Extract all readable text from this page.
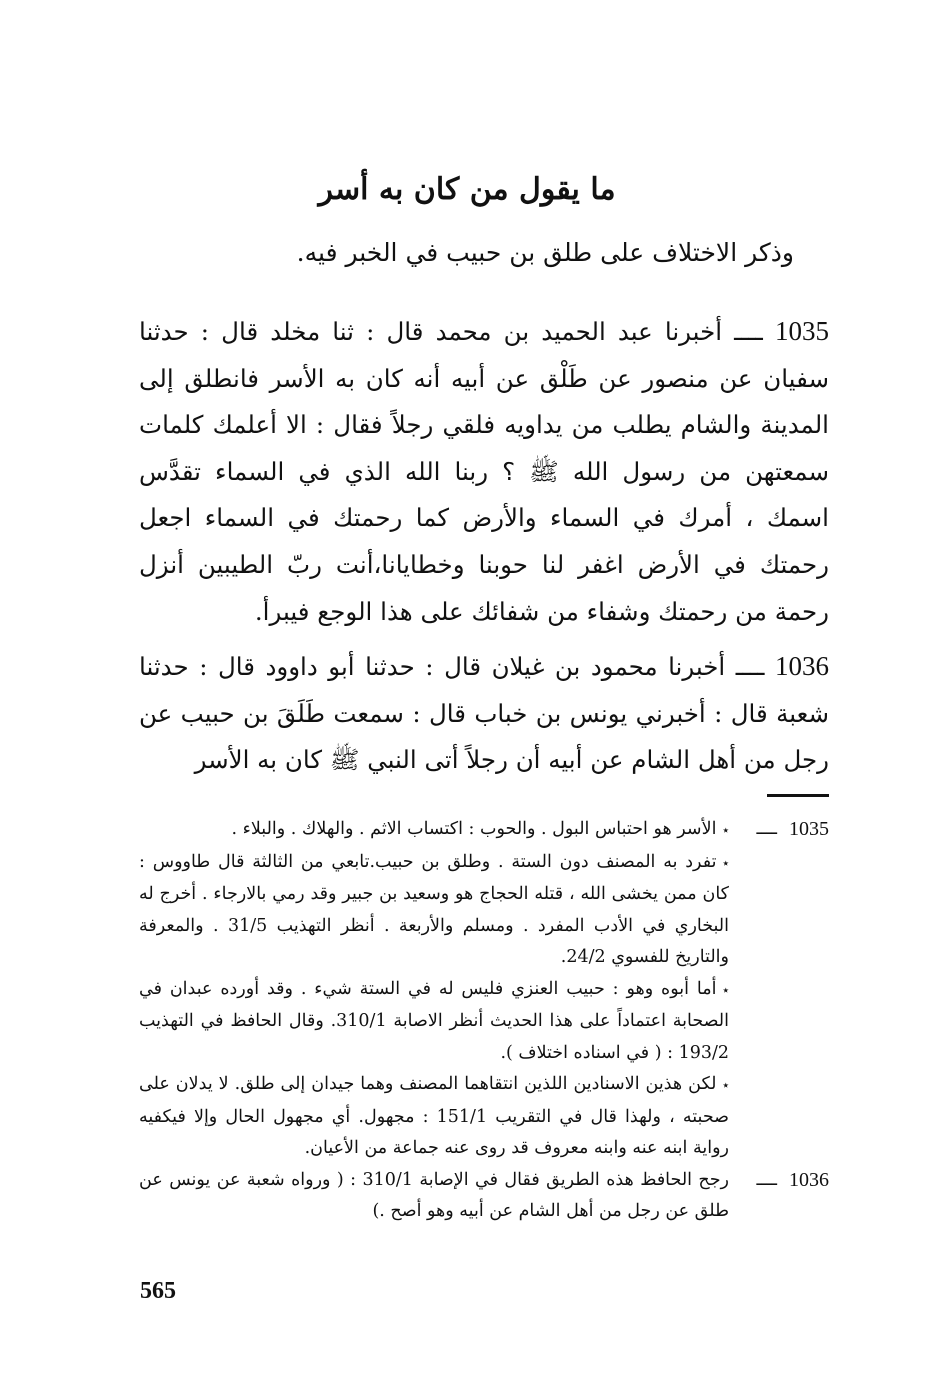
ما يقول من كان به أسر
وذكر الاختلاف على طلق بن حبيب في الخبر فيه.
1035 ــــ أخبرنا عبد الحميد بن محمد قال : ثنا مخلد قال : حدثنا سفيان عن منصور عن طَلْق عن أبيه أنه كان به الأسر فانطلق إلى المدينة والشام يطلب من يداويه فلقي رجلاً فقال : الا أعلمك كلمات سمعتهن من رسول الله ﷺ ؟ ربنا الله الذي في السماء تقدَّس اسمك ، أمرك في السماء والأرض كما رحمتك في السماء اجعل رحمتك في الأرض اغفر لنا حوبنا وخطايانا،أنت ربّ الطيبين أنزل رحمة من رحمتك وشفاء من شفائك على هذا الوجع فيبرأ.
1036 ــــ أخبرنا محمود بن غيلان قال : حدثنا أبو داوود قال : حدثنا شعبة قال : أخبرني يونس بن خباب قال : سمعت طَلَقَ بن حبيب عن رجل من أهل الشام عن أبيه أن رجلاً أتى النبي ﷺ كان به الأسر
1035
ــــ
٭الأسر هو احتباس البول . والحوب : اكتساب الاثم . والهلاك . والبلاء .
٭تفرد به المصنف دون الستة . وطلق بن حبيب.تابعي من الثالثة قال طاووس : كان ممن يخشى الله ، قتله الحجاج هو وسعيد بن جبير وقد رمي بالارجاء . أخرج له البخاري في الأدب المفرد . ومسلم والأربعة . أنظر التهذيب 31/5 . والمعرفة والتاريخ للفسوي 24/2.
٭أما أبوه وهو : حبيب العنزي فليس له في الستة شيء . وقد أورده عبدان في الصحابة اعتماداً على هذا الحديث أنظر الاصابة 310/1. وقال الحافظ في التهذيب 193/2 : ( في اسناده اختلاف ).
٭لكن هذين الاسنادين اللذين انتقاهما المصنف وهما جيدان إلى طلق. لا يدلان على صحبته ، ولهذا قال في التقريب 151/1 : مجهول. أي مجهول الحال وإلا فيكفيه رواية ابنه عنه وابنه معروف قد روى عنه جماعة من الأعيان.
1036
ــــ
رجح الحافظ هذه الطريق فقال في الإصابة 310/1 : ( ورواه شعبة عن يونس عن طلق عن رجل من أهل الشام عن أبيه وهو أصح .)
565
